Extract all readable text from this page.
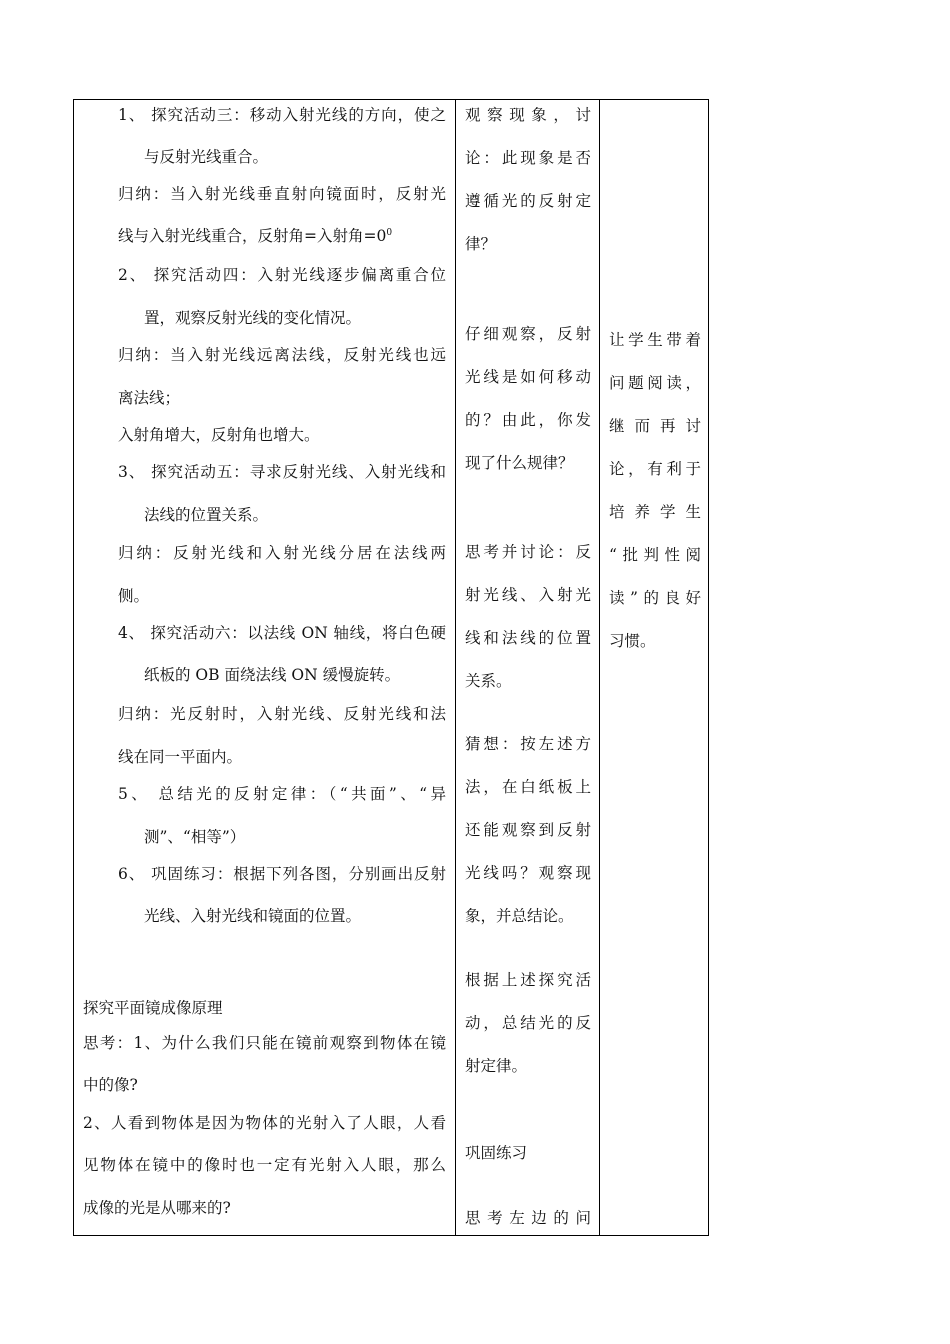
1、 探究活动三：移动入射光线的方向，使之
与反射光线重合。
归纳：当入射光线垂直射向镜面时，反射光
线与入射光线重合，反射角=入射角$=0^0$
2、 探究活动四：入射光线逐步偏离重合位
置，观察反射光线的变化情况。
归纳：当入射光线远离法线，反射光线也远
离法线；
入射角增大，反射角也增大。
3、 探究活动五：寻求反射光线、入射光线和
法线的位置关系。
归纳：反射光线和入射光线分居在法线两
侧。
4、 探究活动六：以法线 ON 轴线，将白色硬
纸板的 OB 面绕法线 ON 缓慢旋转。
归纳：光反射时，入射光线、反射光线和法
线在同一平面内。
5、 总结光的反射定律：（“共面”、“异
测”、“相等”）
6、 巩固练习：根据下列各图，分别画出反射
光线、入射光线和镜面的位置。
探究平面镜成像原理
思考：1、为什么我们只能在镜前观察到物体在镜
中的像?
2、人看到物体是因为物体的光射入了人眼，人看
见物体在镜中的像时也一定有光射入人眼，那么
成像的光是从哪来的?
观察现象，讨
论：此现象是否
遵循光的反射定
律？
仔细观察，反射
光线是如何移动
的？由此，你发
现了什么规律？
思考并讨论：反
射光线、入射光
线和法线的位置
关系。
猜想：按左述方
法，在白纸板上
还能观察到反射
光线吗？观察现
象，并总结论。
根据上述探究活
动，总结光的反
射定律。
巩固练习
思考左边的问
让学生带着
问题阅读，
继而再讨
论，有利于
培养学生
“批判性阅
读”的良好
习惯。
